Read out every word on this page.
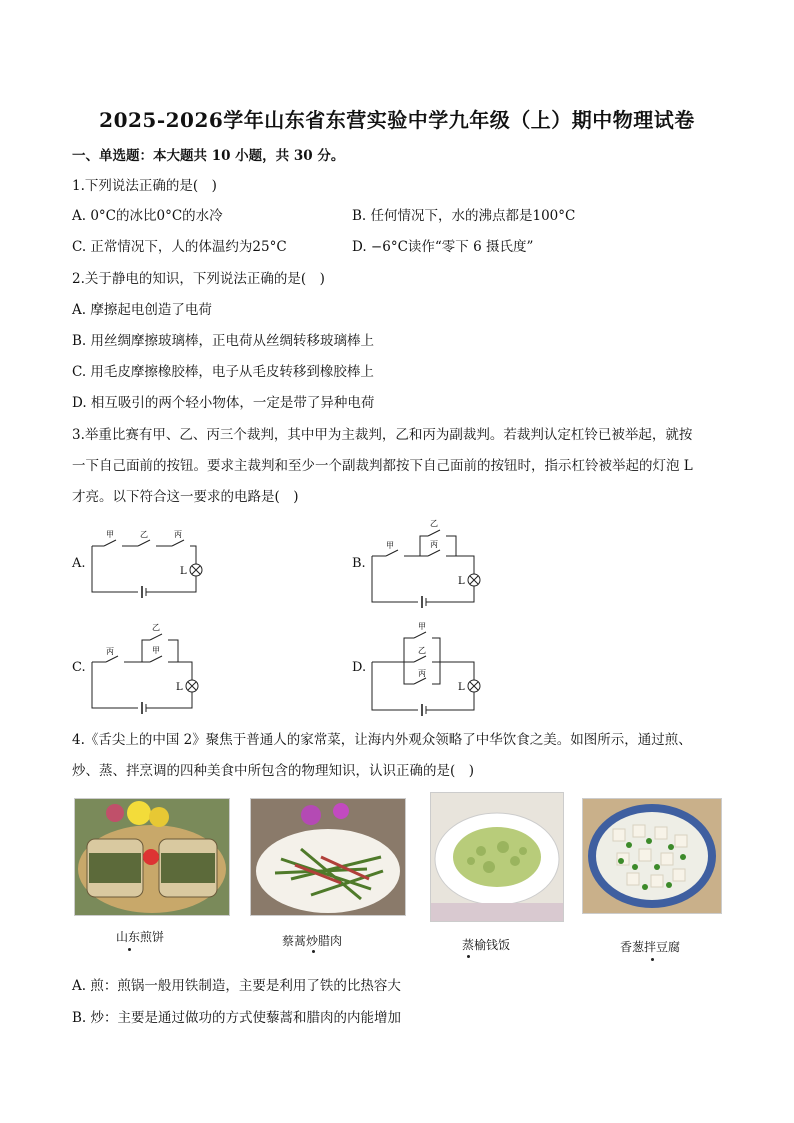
2025-2026学年山东省东营实验中学九年级（上）期中物理试卷
一、单选题：本大题共 10 小题，共 30 分。
1.下列说法正确的是(　)
A. 0°C的冰比0°C的水冷	B. 任何情况下，水的沸点都是100°C
C. 正常情况下，人的体温约为25°C	D. −6°C读作“零下 6 摄氏度”
2.关于静电的知识，下列说法正确的是(　)
A. 摩擦起电创造了电荷
B. 用丝绸摩擦玻璃棒，正电荷从丝绸转移玻璃棒上
C. 用毛皮摩擦橡胶棒，电子从毛皮转移到橡胶棒上
D. 相互吸引的两个轻小物体，一定是带了异种电荷
3.举重比赛有甲、乙、丙三个裁判，其中甲为主裁判，乙和丙为副裁判。若裁判认定杠铃已被举起，就按
一下自己面前的按钮。要求主裁判和至少一个副裁判都按下自己面前的按钮时，指示杠铃被举起的灯泡 L
才亮。以下符合这一要求的电路是(　)
A.
甲	乙	丙
L
B.
甲
乙
丙
L
C.
丙
乙
甲
L
D.
甲
乙
丙
L
4.《舌尖上的中国 2》聚焦于普通人的家常菜，让海内外观众领略了中华饮食之美。如图所示，通过煎、
炒、蒸、拌烹调的四种美食中所包含的物理知识，认识正确的是(　)
山东煎饼	蔡蒿炒腊肉	蒸榆钱饭	香葱拌豆腐
A. 煎：煎锅一般用铁制造，主要是利用了铁的比热容大
B. 炒：主要是通过做功的方式使藜蒿和腊肉的内能增加
